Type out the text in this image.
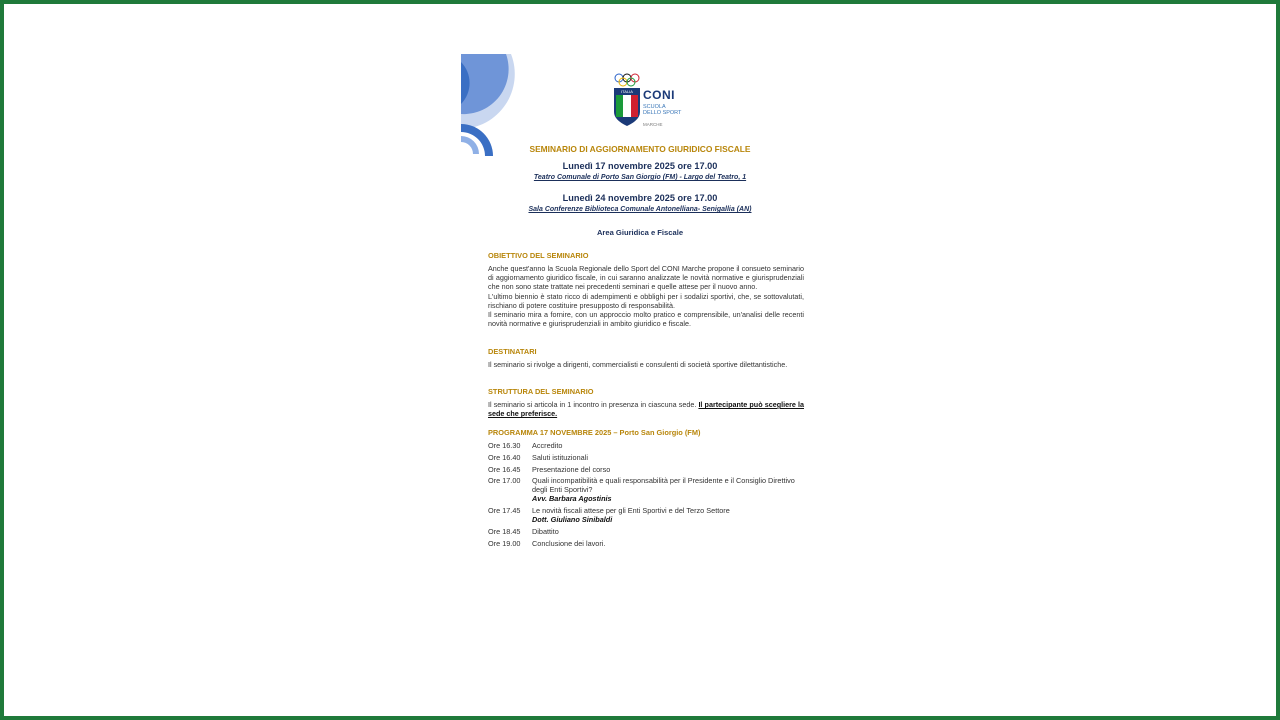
ITALIA CONI
SCUOLA
DELLO SPORT
MARCHE
SEMINARIO DI AGGIORNAMENTO GIURIDICO FISCALE
Lunedì 17 novembre 2025 ore 17.00
Teatro Comunale di Porto San Giorgio (FM) - Largo del Teatro, 1
Lunedì 24 novembre 2025 ore 17.00
Sala Conferenze Biblioteca Comunale Antonelliana- Senigallia (AN)
Area Giuridica e Fiscale
OBIETTIVO DEL SEMINARIO

Anche quest'anno la Scuola Regionale dello Sport del CONI Marche propone il consueto seminario di aggiornamento giuridico fiscale, in cui saranno analizzate le novità normative e giurisprudenziali che non sono state trattate nei precedenti seminari e quelle attese per il nuovo anno.

L'ultimo biennio è stato ricco di adempimenti e obblighi per i sodalizi sportivi, che, se sottovalutati, rischiano di potere costituire presupposto di responsabilità.

Il seminario mira a fornire, con un approccio molto pratico e comprensibile, un'analisi delle recenti novità normative e giurisprudenziali in ambito giuridico e fiscale.

DESTINATARI
Il seminario si rivolge a dirigenti, commercialisti e consulenti di società sportive dilettantistiche.
STRUTTURA DEL SEMINARIO
Il seminario si articola in 1 incontro in presenza in ciascuna sede. Il partecipante può scegliere la sede che preferisce.
PROGRAMMA 17 NOVEMBRE 2025 – Porto San Giorgio (FM)
Ore 16.30	Accredito
Ore 16.40	Saluti istituzionali
Ore 16.45	Presentazione del corso
Ore 17.00	Quali incompatibilità e quali responsabilità per il Presidente e il Consiglio Direttivo degli Enti Sportivi?
Avv. Barbara Agostinis
Ore 17.45	Le novità fiscali attese per gli Enti Sportivi e del Terzo Settore
Dott. Giuliano Sinibaldi
Ore 18.45	Dibattito
Ore 19.00	Conclusione dei lavori.
